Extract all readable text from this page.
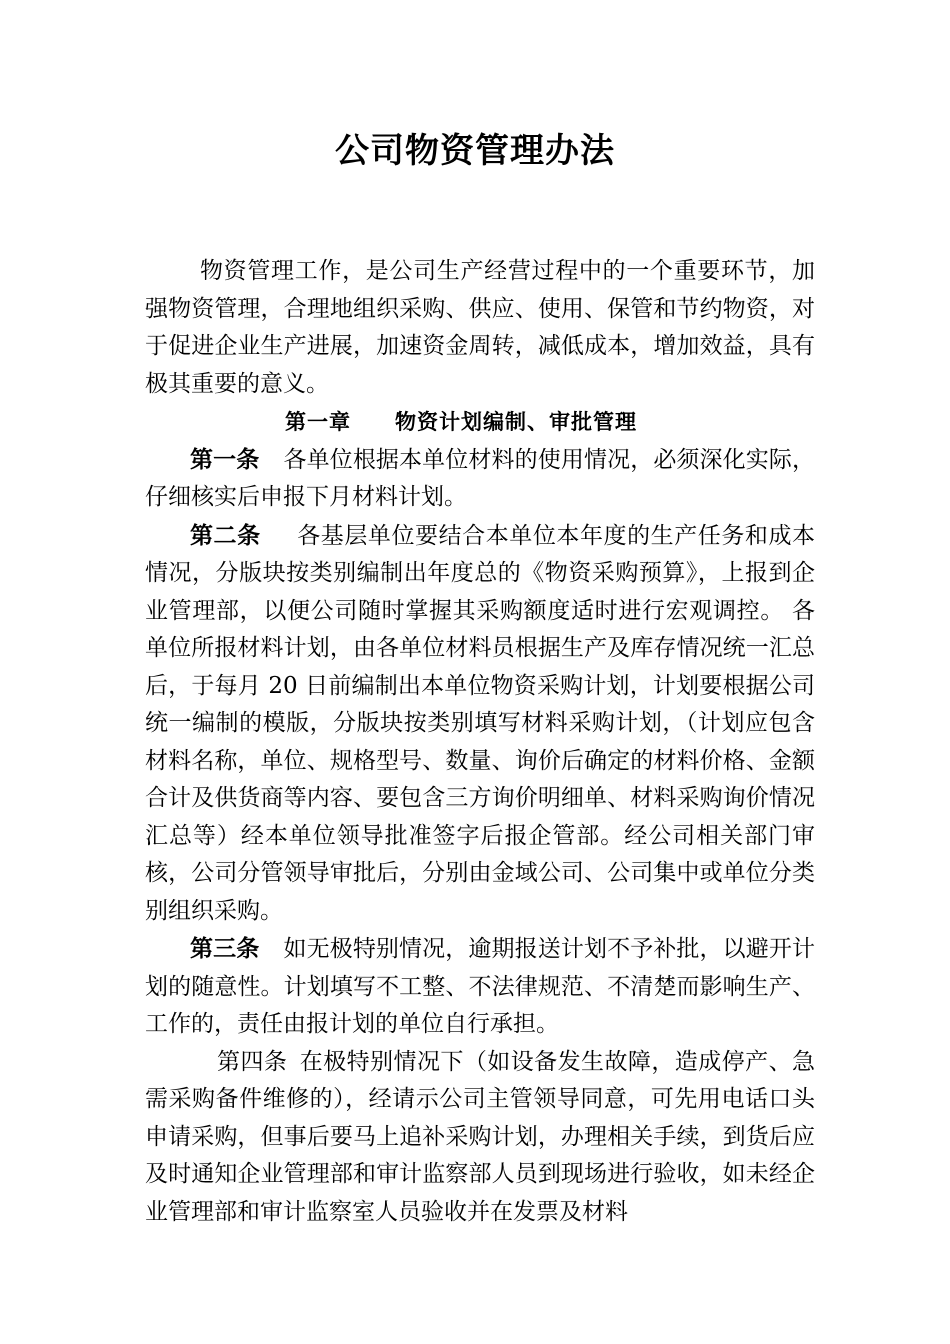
公司物资管理办法

物资管理工作，是公司生产经营过程中的一个重要环节，加强物资管理，合理地组织采购、供应、使用、保管和节约物资，对于促进企业生产进展，加速资金周转，减低成本，增加效益，具有极其重要的意义。

第一章 物资计划编制、审批管理

第一条 各单位根据本单位材料的使用情况，必须深化实际，仔细核实后申报下月材料计划。

第二条 各基层单位要结合本单位本年度的生产任务和成本情况，分版块按类别编制出年度总的《物资采购预算》，上报到企业管理部，以便公司随时掌握其采购额度适时进行宏观调控。 各单位所报材料计划，由各单位材料员根据生产及库存情况统一汇总后，于每月 20 日前编制出本单位物资采购计划，计划要根据公司统一编制的模版，分版块按类别填写材料采购计划，（计划应包含材料名称，单位、规格型号、数量、询价后确定的材料价格、金额合计及供货商等内容、要包含三方询价明细单、材料采购询价情况汇总等）经本单位领导批准签字后报企管部。经公司相关部门审核，公司分管领导审批后，分别由金域公司、公司集中或单位分类别组织采购。

第三条 如无极特别情况，逾期报送计划不予补批，以避开计划的随意性。计划填写不工整、不法律规范、不清楚而影响生产、工作的，责任由报计划的单位自行承担。

第四条 在极特别情况下（如设备发生故障，造成停产、急需采购备件维修的），经请示公司主管领导同意，可先用电话口头申请采购，但事后要马上追补采购计划，办理相关手续，到货后应及时通知企业管理部和审计监察部人员到现场进行验收，如未经企业管理部和审计监察室人员验收并在发票及材料
